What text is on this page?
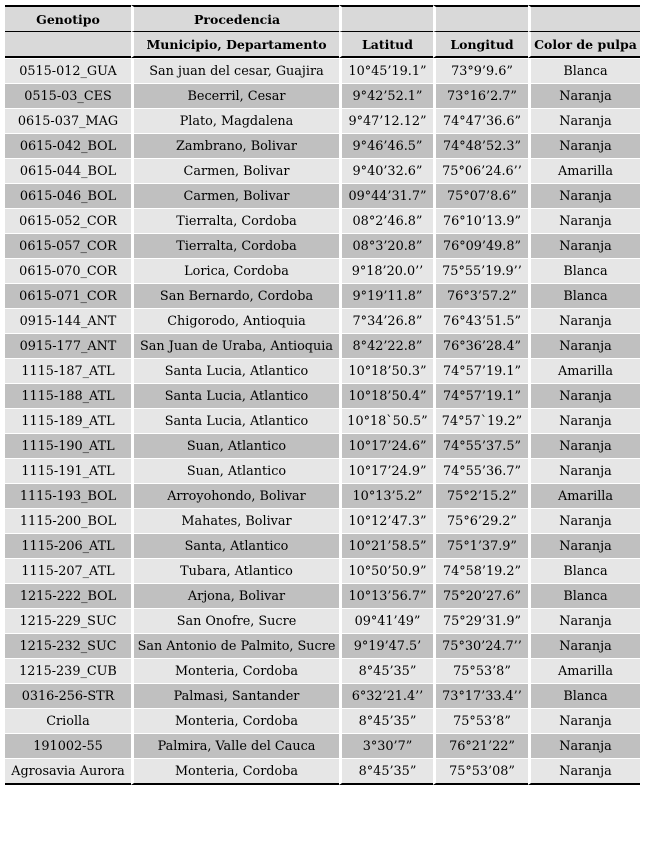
Genotipo	Procedencia			
	Municipio, Departamento	Latitud	Longitud	Color de pulpa
0515-012_GUA	San juan del cesar, Guajira	10°45’19.1”	73°9’9.6”	Blanca
0515-03_CES	Becerril, Cesar	9°42’52.1”	73°16’2.7”	Naranja
0615-037_MAG	Plato, Magdalena	9°47’12.12”	74°47’36.6”	Naranja
0615-042_BOL	Zambrano, Bolivar	9°46’46.5”	74°48’52.3”	Naranja
0615-044_BOL	Carmen, Bolivar	9°40’32.6”	75°06’24.6’’	Amarilla
0615-046_BOL	Carmen, Bolivar	09°44’31.7”	75°07’8.6”	Naranja
0615-052_COR	Tierralta, Cordoba	08°2’46.8”	76°10’13.9”	Naranja
0615-057_COR	Tierralta, Cordoba	08°3’20.8”	76°09’49.8”	Naranja
0615-070_COR	Lorica, Cordoba	9°18’20.0’’	75°55’19.9’’	Blanca
0615-071_COR	San Bernardo, Cordoba	9°19’11.8”	76°3’57.2”	Blanca
0915-144_ANT	Chigorodo, Antioquia	7°34’26.8”	76°43’51.5”	Naranja
0915-177_ANT	San Juan de Uraba, Antioquia	8°42’22.8”	76°36’28.4”	Naranja
1115-187_ATL	Santa Lucia, Atlantico	10°18’50.3”	74°57’19.1”	Amarilla
1115-188_ATL	Santa Lucia, Atlantico	10°18’50.4”	74°57’19.1”	Naranja
1115-189_ATL	Santa Lucia, Atlantico	10°18`50.5”	74°57`19.2”	Naranja
1115-190_ATL	Suan, Atlantico	10°17’24.6”	74°55’37.5”	Naranja
1115-191_ATL	Suan, Atlantico	10°17’24.9”	74°55’36.7”	Naranja
1115-193_BOL	Arroyohondo, Bolivar	10°13’5.2”	75°2’15.2”	Amarilla
1115-200_BOL	Mahates, Bolivar	10°12’47.3”	75°6’29.2”	Naranja
1115-206_ATL	Santa, Atlantico	10°21’58.5”	75°1’37.9”	Naranja
1115-207_ATL	Tubara, Atlantico	10°50’50.9”	74°58’19.2”	Blanca
1215-222_BOL	Arjona, Bolivar	10°13’56.7”	75°20’27.6”	Blanca
1215-229_SUC	San Onofre, Sucre	09°41’49”	75°29’31.9”	Naranja
1215-232_SUC	San Antonio de Palmito, Sucre	9°19’47.5’	75°30’24.7’’	Naranja
1215-239_CUB	Monteria, Cordoba	8°45’35”	75°53’8”	Amarilla
0316-256-STR	Palmasi, Santander	6°32’21.4’’	73°17’33.4’’	Blanca
Criolla	Monteria, Cordoba	8°45’35”	75°53’8”	Naranja
191002-55	Palmira, Valle del Cauca	3°30’7”	76°21’22”	Naranja
Agrosavia Aurora	Monteria, Cordoba	8°45’35”	75°53’08”	Naranja
